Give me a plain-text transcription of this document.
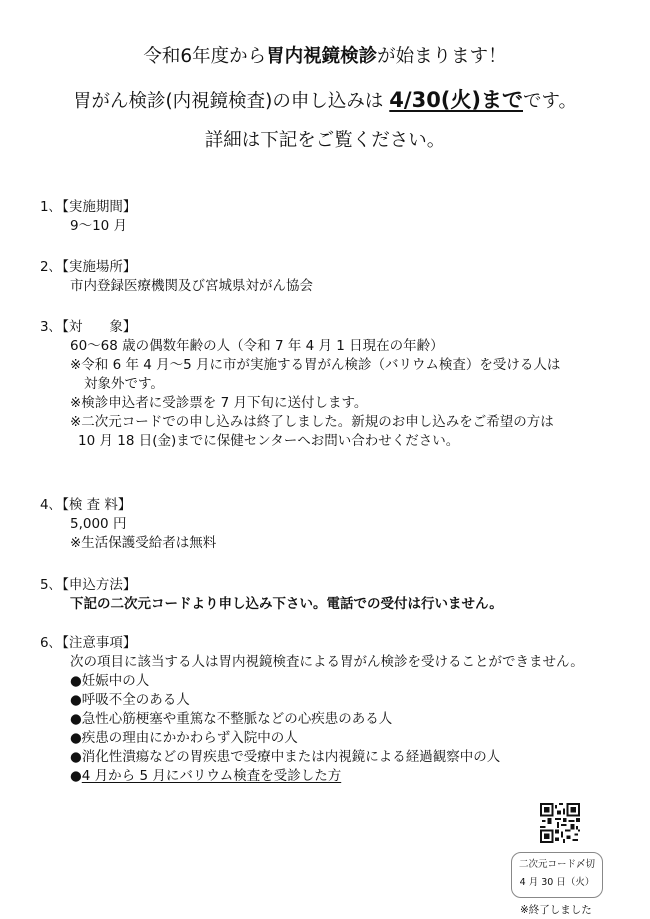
令和6年度から胃内視鏡検診が始まります！
胃がん検診(内視鏡検査)の申し込みは 4/30(火)までです。
詳細は下記をご覧ください。
1､【実施期間】
9～10 月
2､【実施場所】
市内登録医療機関及び宮城県対がん協会
3､【対　　象】
60～68 歳の偶数年齢の人（令和 7 年 4 月 1 日現在の年齢）
※令和 6 年 4 月～5 月に市が実施する胃がん検診（バリウム検査）を受ける人は
対象外です。
※検診申込者に受診票を 7 月下旬に送付します。
※二次元コードでの申し込みは終了しました。新規のお申し込みをご希望の方は
10 月 18 日(金)までに保健センターへお問い合わせください。
4､【検 査 料】
5,000 円
※生活保護受給者は無料
5､【申込方法】
下記の二次元コードより申し込み下さい。電話での受付は行いません。
6､【注意事項】
次の項目に該当する人は胃内視鏡検査による胃がん検診を受けることができません。
●妊娠中の人
●呼吸不全のある人
●急性心筋梗塞や重篤な不整脈などの心疾患のある人
●疾患の理由にかかわらず入院中の人
●消化性潰瘍などの胃疾患で受療中または内視鏡による経過観察中の人
●4 月から 5 月にバリウム検査を受診した方
二次元コード〆切
4 月 30 日（火）
※終了しました
